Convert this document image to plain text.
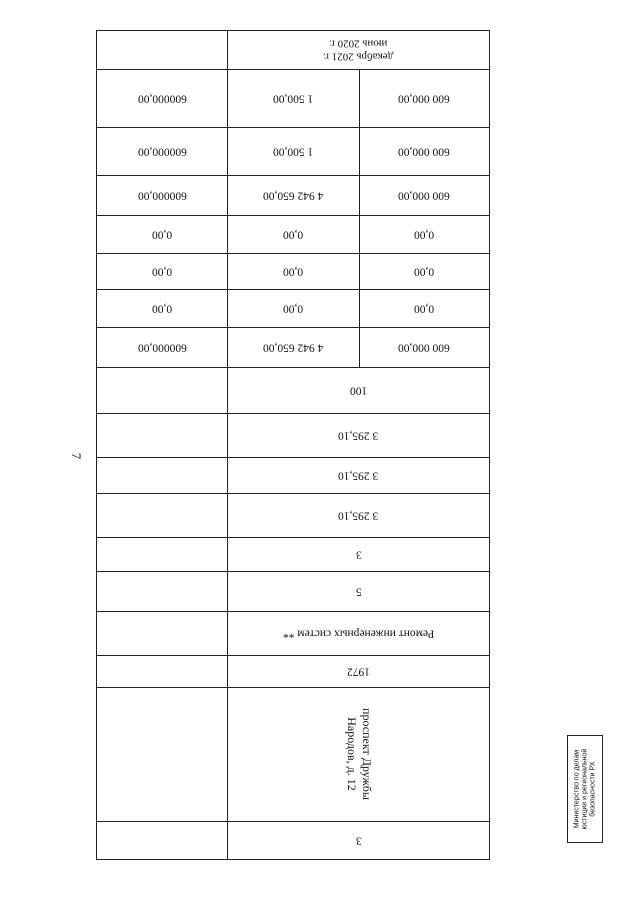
7
декабрь 2021 г.
июнь 2020 г.
600 000,00
1 500,00
600000,00
600 000,00
1 500,00
600000,00
600 000,00
4 942 650,00
600000,00
0,00
0,00
0,00
0,00
0,00
0,00
0,00
0,00
0,00
600 000,00
4 942 650,00
600000,00
100
3 295,10
3 295,10
3 295,10
3
5
Ремонт инженерных систем **
1972
проспект Дружбы
Народов, д. 12
3
Министерство по делам юстиции и региональной безопасности РХ
